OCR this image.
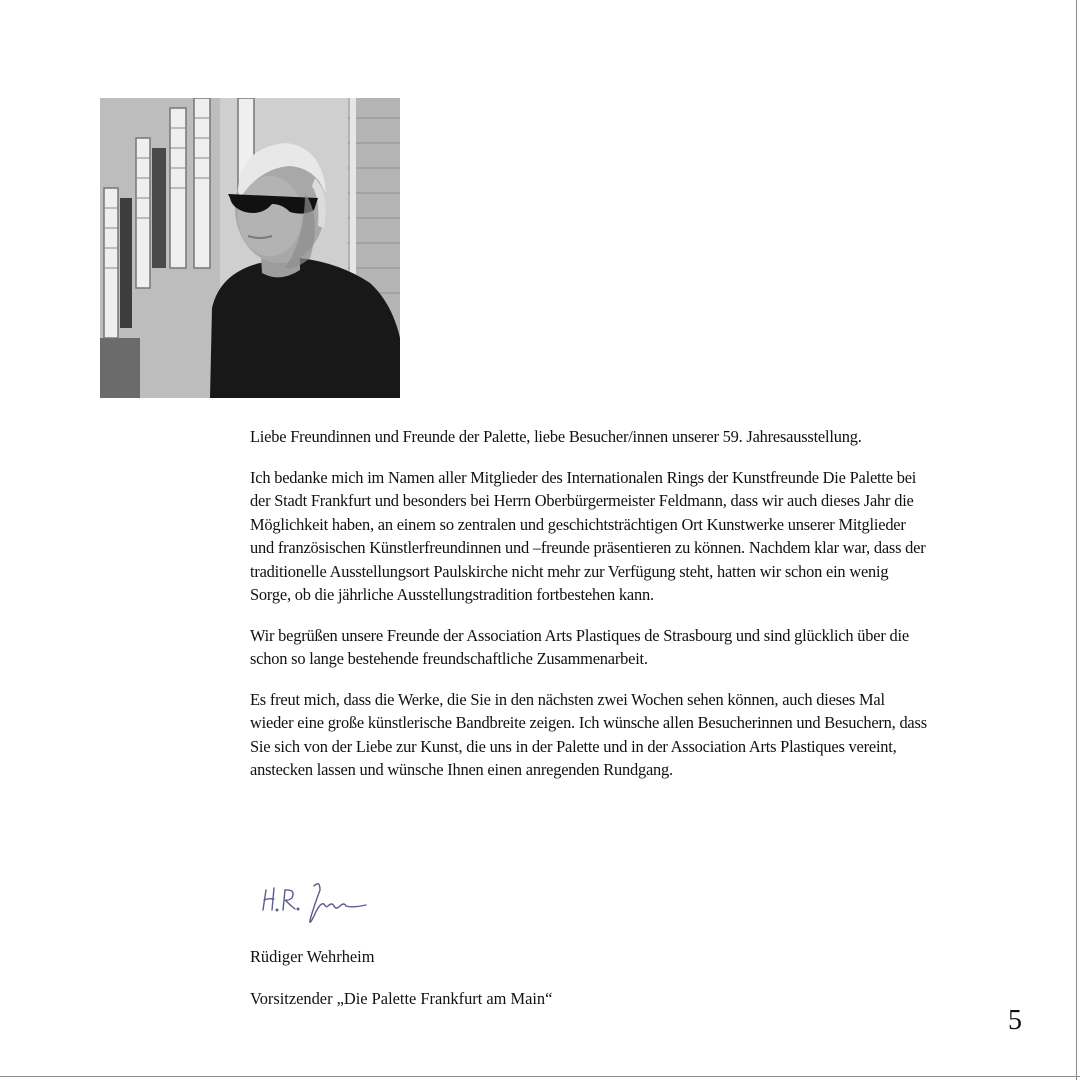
Liebe Freundinnen und Freunde der Palette, liebe Besucher/innen unserer 59. Jahresausstellung.

Ich bedanke mich im Namen aller Mitglieder des Internationalen Rings der Kunstfreunde Die Palette bei der Stadt Frankfurt und besonders bei Herrn Oberbürgermeister Feldmann, dass wir auch dieses Jahr die Möglichkeit haben, an einem so zentralen und geschichtsträchtigen Ort Kunstwerke unserer Mitglieder und französischen Künstlerfreundinnen und –freunde präsentieren zu können. Nachdem klar war, dass der traditionelle Ausstellungsort Paulskirche nicht mehr zur Verfügung steht, hatten wir schon ein wenig Sorge, ob die jährliche Ausstellungstradition fortbestehen kann.

Wir begrüßen unsere Freunde der Association Arts Plastiques de Strasbourg und sind glücklich über die schon so lange bestehende freundschaftliche Zusammenarbeit.

Es freut mich, dass die Werke, die Sie in den nächsten zwei Wochen sehen können, auch dieses Mal wieder eine große künstlerische Bandbreite zeigen. Ich wünsche allen Besucherinnen und Besuchern, dass Sie sich von der Liebe zur Kunst, die uns in der Palette und in der Association Arts Plastiques vereint, anstecken lassen und wünsche Ihnen einen anregenden Rundgang.

Rüdiger Wehrheim
Vorsitzender „Die Palette Frankfurt am Main“
5
